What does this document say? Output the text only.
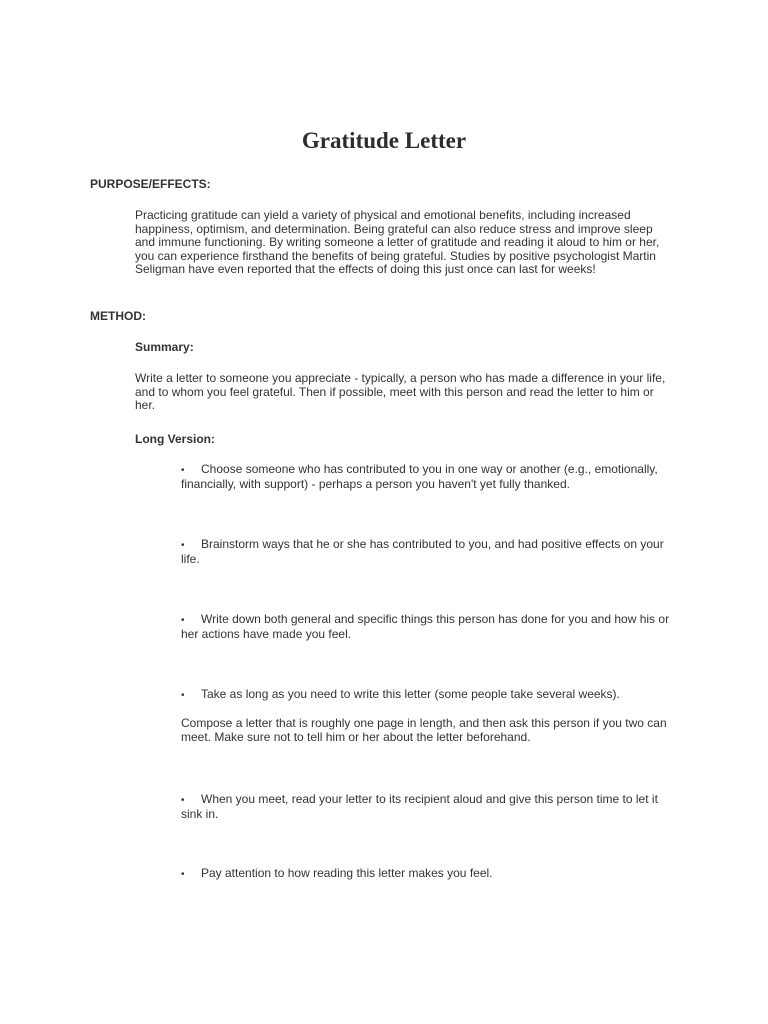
Gratitude Letter

PURPOSE/EFFECTS:

Practicing gratitude can yield a variety of physical and emotional benefits, including increased happiness, optimism, and determination. Being grateful can also reduce stress and improve sleep and immune functioning. By writing someone a letter of gratitude and reading it aloud to him or her, you can experience firsthand the benefits of being grateful. Studies by positive psychologist Martin Seligman have even reported that the effects of doing this just once can last for weeks!

METHOD:

Summary:

Write a letter to someone you appreciate - typically, a person who has made a difference in your life, and to whom you feel grateful. Then if possible, meet with this person and read the letter to him or her.

Long Version:

• Choose someone who has contributed to you in one way or another (e.g., emotionally, financially, with support) - perhaps a person you haven't yet fully thanked.

• Brainstorm ways that he or she has contributed to you, and had positive effects on your life.

• Write down both general and specific things this person has done for you and how his or her actions have made you feel.

• Take as long as you need to write this letter (some people take several weeks).

Compose a letter that is roughly one page in length, and then ask this person if you two can meet. Make sure not to tell him or her about the letter beforehand.

• When you meet, read your letter to its recipient aloud and give this person time to let it sink in.

• Pay attention to how reading this letter makes you feel.
